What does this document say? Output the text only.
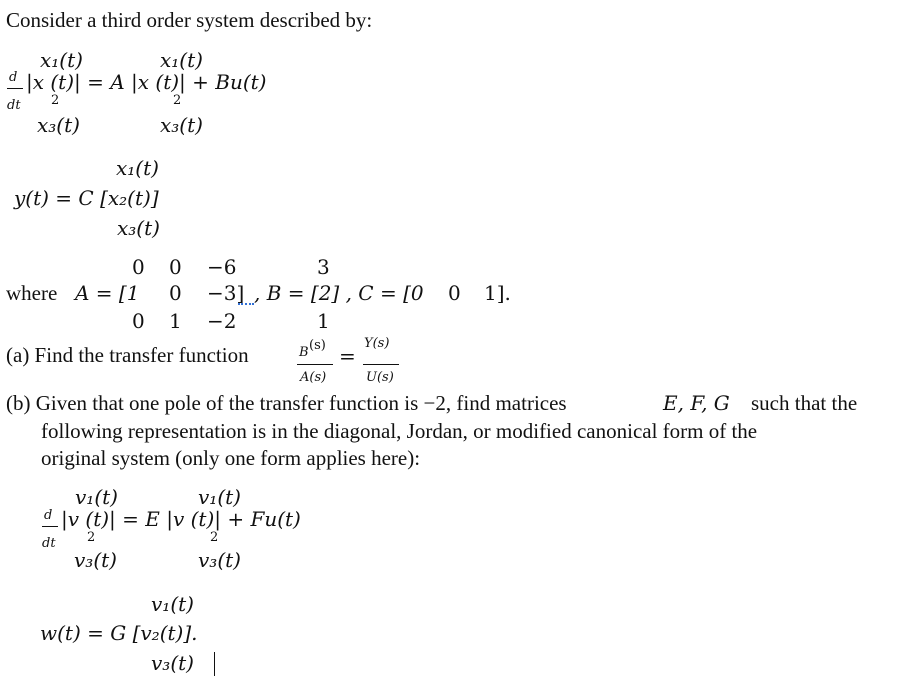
Consider a third order system described by:
x₁(t)	x₁(t)
d |x (t)| = A |x (t)| + Bu(t)
dt 2	2
x₃(t)	x₃(t)
x₁(t)
y(t) = C [x₂(t)]
x₃(t)
0 0 −6	3
where A = [1 0 −3] , B = [2] , C = [0 0 1].
0 1 −2	1
(a) Find the transfer function	B (s)
A(s)
=
Y(s)
U(s)
(b) Given that one pole of the transfer function is −2, find matrices	E, F, G such that the
following representation is in the diagonal, Jordan, or modified canonical form of the
original system (only one form applies here):
v₁(t)	v₁(t)
d |v (t)| = E |v (t)| + Fu(t)
dt 2	2
v₃(t)	v₃(t)
v₁(t)
w(t) = G [v₂(t)].
v₃(t)
